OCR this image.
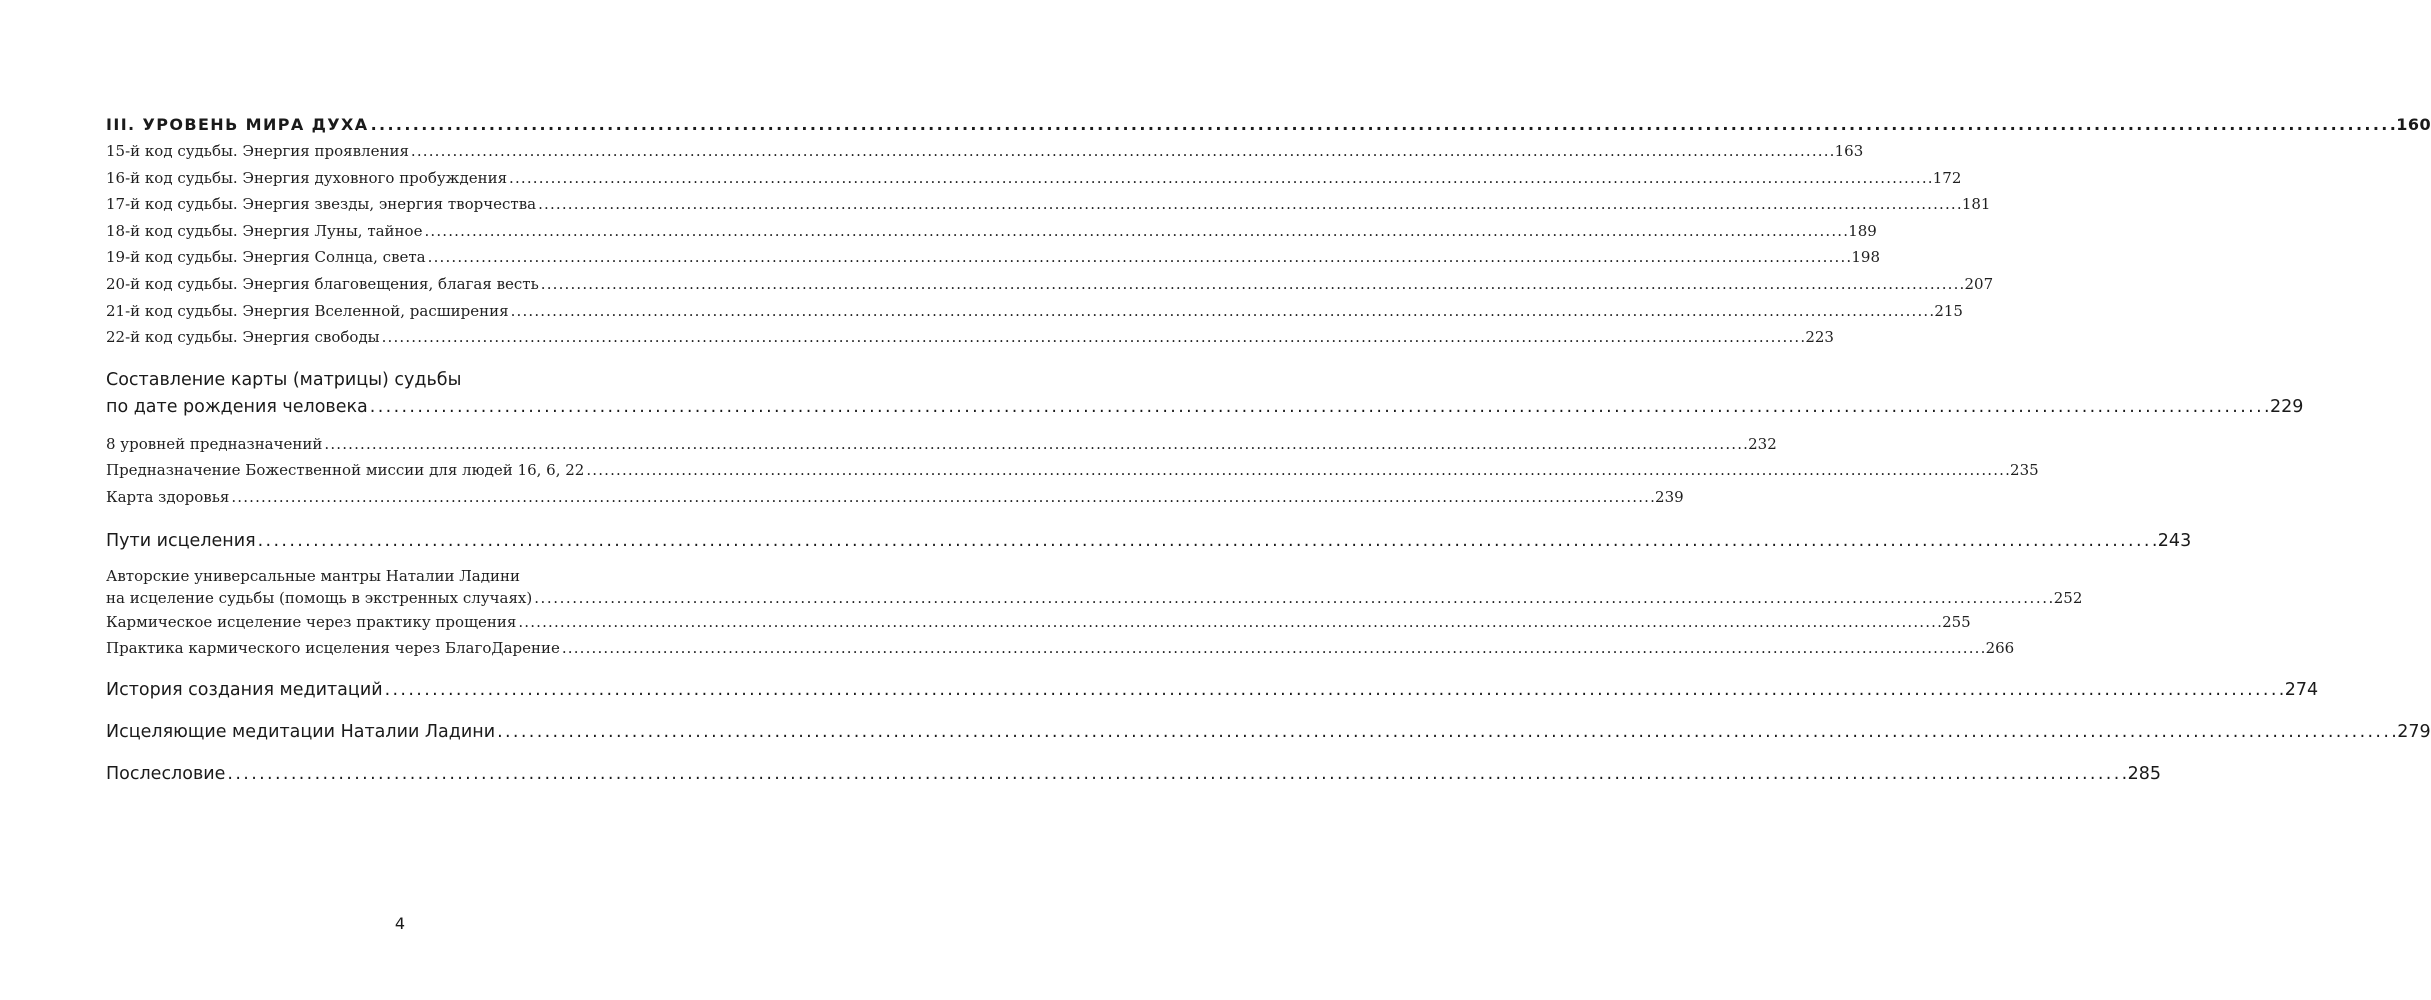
III. УРОВЕНЬ МИРА ДУХА . . .	160
15-й код судьбы. Энергия проявления . . .	163
16-й код судьбы. Энергия духовного пробуждения . . .	172
17-й код судьбы. Энергия звезды, энергия творчества . . .	181
18-й код судьбы. Энергия Луны, тайное . . .	189
19-й код судьбы. Энергия Солнца, света . . .	198
20-й код судьбы. Энергия благовещения, благая весть . . .	207
21-й код судьбы. Энергия Вселенной, расширения . . .	215
22-й код судьбы. Энергия свободы . . .	223
Составление карты (матрицы) судьбы
по дате рождения человека . . .	229
8 уровней предназначений . . .	232
Предназначение Божественной миссии для людей 16, 6, 22 . . .	235
Карта здоровья . . .	239
Пути исцеления . . .	243
Авторские универсальные мантры Наталии Ладини
на исцеление судьбы (помощь в экстренных случаях) . . .	252
Кармическое исцеление через практику прощения . . .	255
Практика кармического исцеления через БлагоДарение . . .	266
История создания медитаций . . .	274
Исцеляющие медитации Наталии Ладини . . .	279
Послесловие . . .	285
4
